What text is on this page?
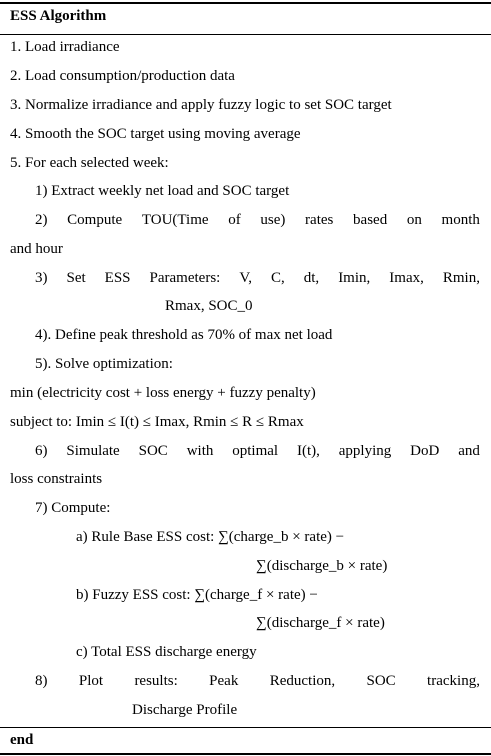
ESS Algorithm
1. Load irradiance
2. Load consumption/production data
3. Normalize irradiance and apply fuzzy logic to set SOC target
4. Smooth the SOC target using moving average
5. For each selected week:
1) Extract weekly net load and SOC target
2) Compute TOU(Time of use) rates based on month
and hour
3) Set ESS Parameters: V, C, dt, Imin, Imax, Rmin,
Rmax, SOC_0
4). Define peak threshold as 70% of max net load
5). Solve optimization:
min (electricity cost + loss energy + fuzzy penalty)
subject to: Imin ≤ I(t) ≤ Imax, Rmin ≤ R ≤ Rmax
6) Simulate SOC with optimal I(t), applying DoD and
loss constraints
7) Compute:
a) Rule Base ESS cost: ∑(charge_b × rate) −
∑(discharge_b × rate)
b) Fuzzy ESS cost: ∑(charge_f × rate) −
∑(discharge_f × rate)
c) Total ESS discharge energy
8) Plot results: Peak Reduction, SOC tracking,
Discharge Profile
end
